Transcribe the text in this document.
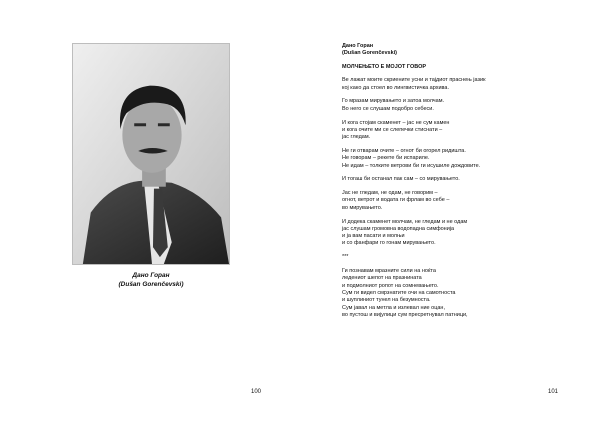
Дано Горан
(Dušan Gorenčevski)
100
Дано Горан
(Dušan Gorenčevski)
МОЛЧЕЊЕТО Е МОЈОТ ГОВОР
Ве лажат моите скриените усни и тајдиот праснењ јазик
кој како да стоел во лингвистичка архива.
Го мразам мирувањето и затоа молчам.
Во него се слушам подобро себеси.
И кога стојам скаменет – јас не сум камен
и кога очите ми се слепечки стиснати –
јас гледам.
Не ги отварам очите – огнот би огорел ридишта.
Не говорам – рекете би испариле.
Не идам – толките ветрови би ги исушиле дождовите.
И тогаш би останал пак сам – со мирувањето.
Јас не гледам, не одам, не говорим –
огнот, ветрот и водата ги фрлам во себе –
во мирувањето.
И додека скаменет молчам, не гледам и не одам
јас слушам громовна водопадна симфонија
и ја вам пасати и молњи
и со фанфари го гонам мирувањето.
***
Ги познавам мразните сили на ноќта
ледениот шепот на празнината
и подмолниот ропот на сомневањето.
Сум ги видел смрзнатите очи на самотноста
и шуплиниот тунел на безумноста.
Сум јавал на метла и излевал ние оцан,
во пустош и вијулици сум пресретнувал патници,
101
